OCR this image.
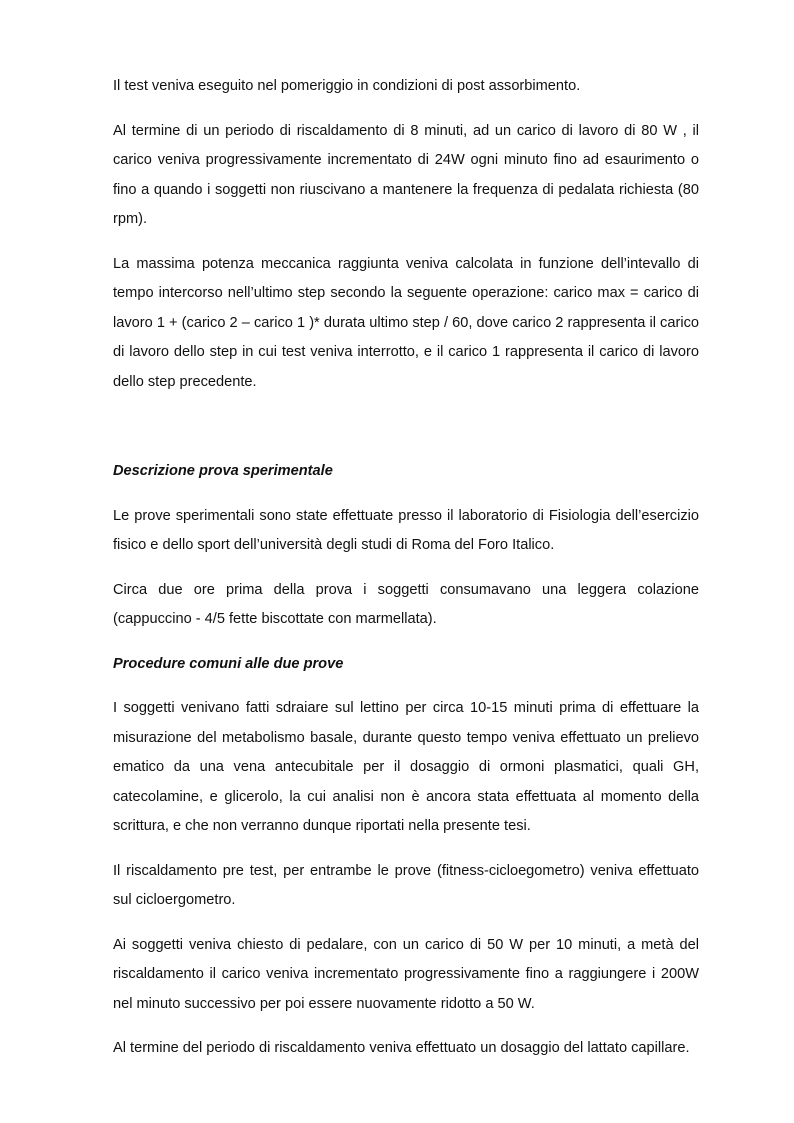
Il test veniva eseguito nel pomeriggio in condizioni di post assorbimento.

Al termine di un periodo di riscaldamento di 8 minuti, ad un carico di lavoro di 80 W , il carico veniva progressivamente incrementato di 24W ogni minuto fino ad esaurimento o fino a quando i soggetti non riuscivano a mantenere la frequenza di pedalata richiesta (80 rpm).

La massima potenza meccanica raggiunta veniva calcolata in funzione dell’intevallo di tempo intercorso nell’ultimo step secondo la seguente operazione: carico max = carico di lavoro 1 + (carico 2 – carico 1 )* durata ultimo step / 60, dove carico 2 rappresenta il carico di lavoro dello step in cui test veniva interrotto, e il carico 1 rappresenta il carico di lavoro dello step precedente.

Descrizione prova sperimentale

Le prove sperimentali sono state effettuate presso il laboratorio di Fisiologia dell’esercizio fisico e dello sport dell’università degli studi di Roma del Foro Italico.

Circa due ore prima della prova i soggetti consumavano una leggera colazione (cappuccino - 4/5 fette biscottate con marmellata).

Procedure comuni alle due prove

I soggetti venivano fatti sdraiare sul lettino per circa 10-15 minuti prima di effettuare la misurazione del metabolismo basale, durante questo tempo veniva effettuato un prelievo ematico da una vena antecubitale per il dosaggio di ormoni plasmatici, quali GH, catecolamine, e glicerolo, la cui analisi non è ancora stata effettuata al momento della scrittura, e che non verranno dunque riportati nella presente tesi.

Il riscaldamento pre test, per entrambe le prove (fitness-cicloegometro) veniva effettuato sul cicloergometro.

Ai soggetti veniva chiesto di pedalare, con un carico di 50 W per 10 minuti, a metà del riscaldamento il carico veniva incrementato progressivamente fino a raggiungere i 200W nel minuto successivo per poi essere nuovamente ridotto a 50 W.

Al termine del periodo di riscaldamento veniva effettuato un dosaggio del lattato capillare.
